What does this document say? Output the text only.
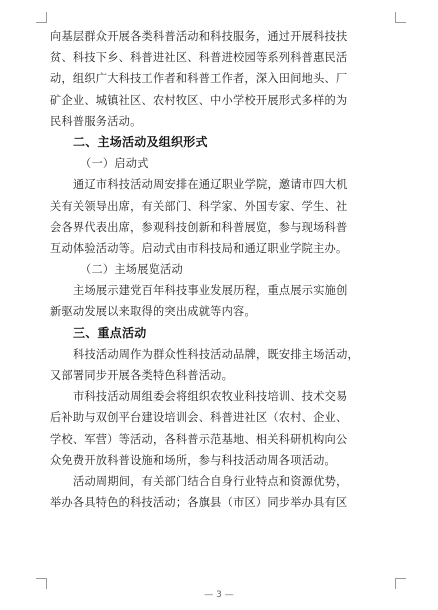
向基层群众开展各类科普活动和科技服务，通过开展科技扶
贫、科技下乡、科普进社区、科普进校园等系列科普惠民活
动，组织广大科技工作者和科普工作者，深入田间地头、厂
矿企业、城镇社区、农村牧区、中小学校开展形式多样的为
民科普服务活动。
二、主场活动及组织形式
（一）启动式
通辽市科技活动周安排在通辽职业学院，邀请市四大机
关有关领导出席，有关部门、科学家、外国专家、学生、社
会各界代表出席，参观科技创新和科普展览，参与现场科普
互动体验活动等。启动式由市科技局和通辽职业学院主办。
（二）主场展览活动
主场展示建党百年科技事业发展历程，重点展示实施创
新驱动发展以来取得的突出成就等内容。
三、重点活动
科技活动周作为群众性科技活动品牌，既安排主场活动，
又部署同步开展各类特色科普活动。
市科技活动周组委会将组织农牧业科技培训、技术交易
后补助与双创平台建设培训会、科普进社区（农村、企业、
学校、军营）等活动，各科普示范基地、相关科研机构向公
众免费开放科普设施和场所，参与科技活动周各项活动。
活动周期间，有关部门结合自身行业特点和资源优势，
举办各具特色的科技活动；各旗县（市区）同步举办具有区
— 3 —
